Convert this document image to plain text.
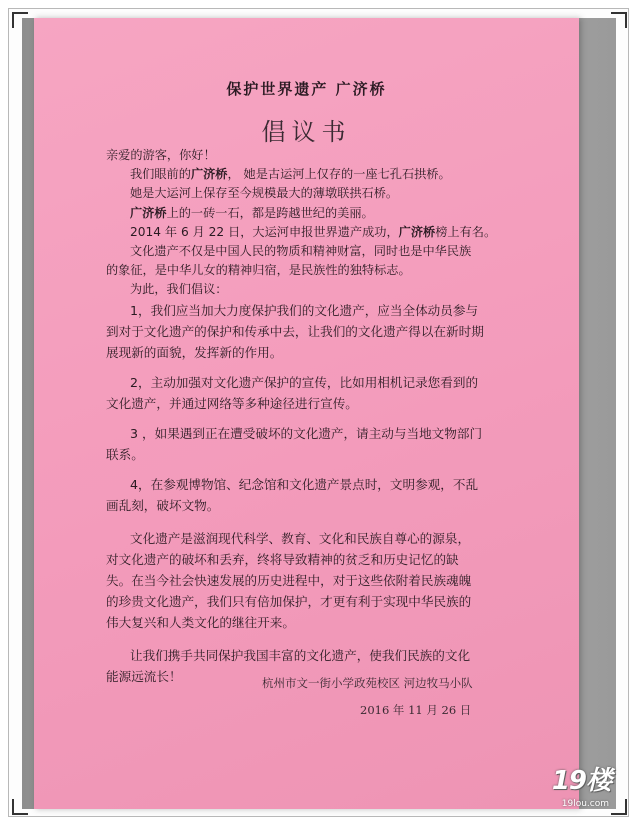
保护世界遗产 广济桥
倡议书

亲爱的游客，你好！

我们眼前的广济桥， 她是古运河上仅存的一座七孔石拱桥。

她是大运河上保存至今规模最大的薄墩联拱石桥。

广济桥上的一砖一石，都是跨越世纪的美丽。

2014 年 6 月 22 日，大运河申报世界遗产成功，广济桥榜上有名。

文化遗产不仅是中国人民的物质和精神财富，同时也是中华民族

的象征，是中华儿女的精神归宿，是民族性的独特标志。

为此，我们倡议：

1，我们应当加大力度保护我们的文化遗产，应当全体动员参与

到对于文化遗产的保护和传承中去，让我们的文化遗产得以在新时期

展现新的面貌，发挥新的作用。

2，主动加强对文化遗产保护的宣传，比如用相机记录您看到的

文化遗产，并通过网络等多种途径进行宣传。

3 ，如果遇到正在遭受破坏的文化遗产，请主动与当地文物部门

联系。

4，在参观博物馆、纪念馆和文化遗产景点时，文明参观，不乱

画乱刻，破坏文物。

文化遗产是滋润现代科学、教育、文化和民族自尊心的源泉，

对文化遗产的破坏和丢弃，终将导致精神的贫乏和历史记忆的缺

失。在当今社会快速发展的历史进程中，对于这些依附着民族魂魄

的珍贵文化遗产，我们只有倍加保护，才更有利于实现中华民族的

伟大复兴和人类文化的继往开来。

让我们携手共同保护我国丰富的文化遗产，使我们民族的文化

能源远流长！	杭州市文一街小学政苑校区 河边牧马小队
2016 年 11 月 26 日
19楼
19lou.com
